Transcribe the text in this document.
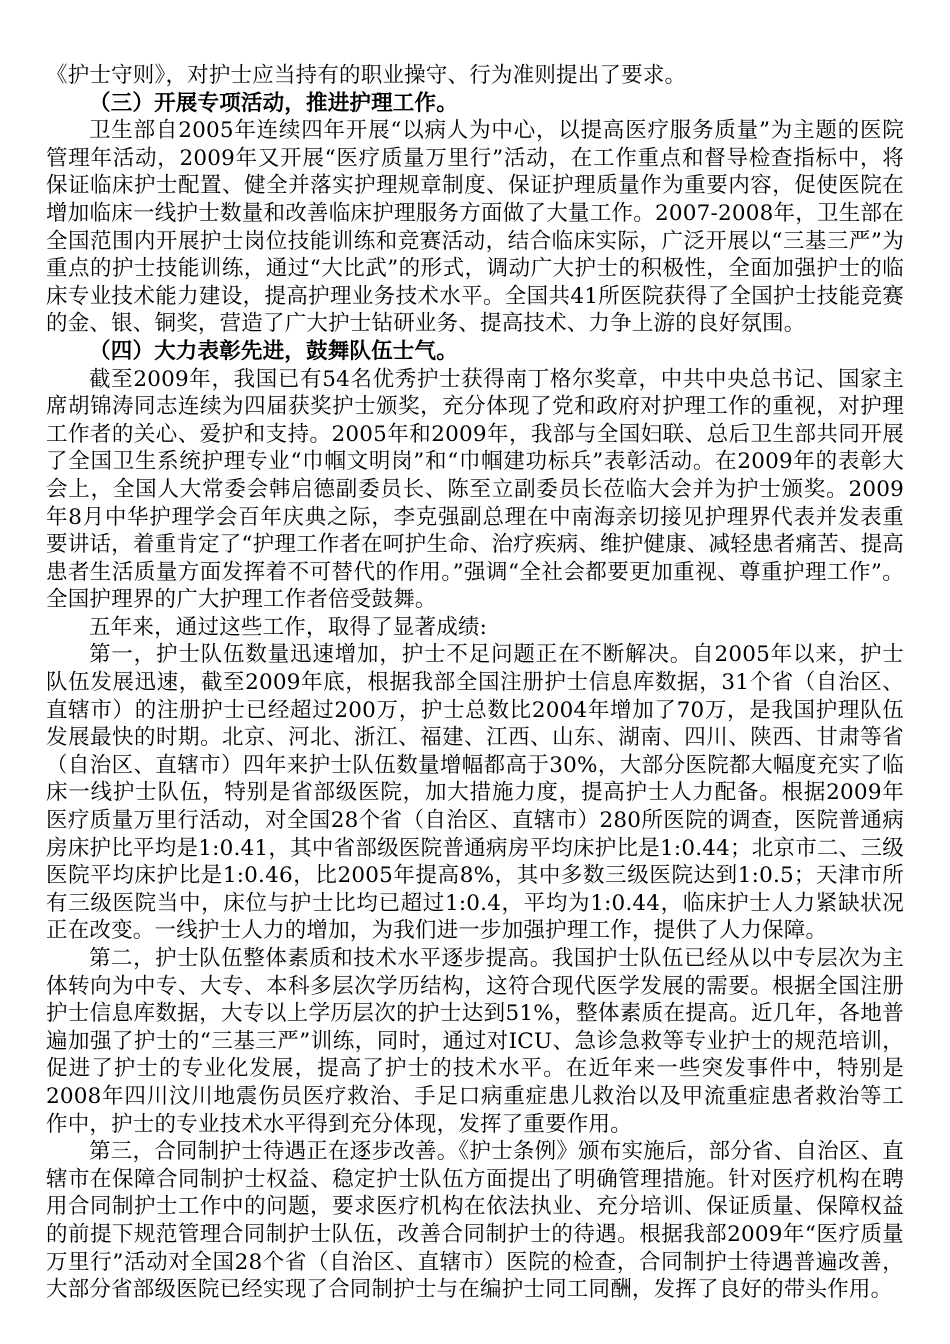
《护士守则》，对护士应当持有的职业操守、行为准则提出了要求。

（三）开展专项活动，推进护理工作。

卫生部自2005年连续四年开展“以病人为中心，以提高医疗服务质量”为主题的医院管理年活动，2009年又开展“医疗质量万里行”活动，在工作重点和督导检查指标中，将保证临床护士配置、健全并落实护理规章制度、保证护理质量作为重要内容，促使医院在增加临床一线护士数量和改善临床护理服务方面做了大量工作。2007-2008年，卫生部在全国范围内开展护士岗位技能训练和竞赛活动，结合临床实际，广泛开展以“三基三严”为重点的护士技能训练，通过“大比武”的形式，调动广大护士的积极性，全面加强护士的临床专业技术能力建设，提高护理业务技术水平。全国共41所医院获得了全国护士技能竞赛的金、银、铜奖，营造了广大护士钻研业务、提高技术、力争上游的良好氛围。

（四）大力表彰先进，鼓舞队伍士气。

截至2009年，我国已有54名优秀护士获得南丁格尔奖章，中共中央总书记、国家主席胡锦涛同志连续为四届获奖护士颁奖，充分体现了党和政府对护理工作的重视，对护理工作者的关心、爱护和支持。2005年和2009年，我部与全国妇联、总后卫生部共同开展了全国卫生系统护理专业“巾帼文明岗”和“巾帼建功标兵”表彰活动。在2009年的表彰大会上，全国人大常委会韩启德副委员长、陈至立副委员长莅临大会并为护士颁奖。2009年8月中华护理学会百年庆典之际，李克强副总理在中南海亲切接见护理界代表并发表重要讲话，着重肯定了“护理工作者在呵护生命、治疗疾病、维护健康、减轻患者痛苦、提高患者生活质量方面发挥着不可替代的作用。”强调“全社会都要更加重视、尊重护理工作”。全国护理界的广大护理工作者倍受鼓舞。

五年来，通过这些工作，取得了显著成绩:

第一，护士队伍数量迅速增加，护士不足问题正在不断解决。自2005年以来，护士队伍发展迅速，截至2009年底，根据我部全国注册护士信息库数据，31个省（自治区、直辖市）的注册护士已经超过200万，护士总数比2004年增加了70万，是我国护理队伍发展最快的时期。北京、河北、浙江、福建、江西、山东、湖南、四川、陕西、甘肃等省（自治区、直辖市）四年来护士队伍数量增幅都高于30%，大部分医院都大幅度充实了临床一线护士队伍，特别是省部级医院，加大措施力度，提高护士人力配备。根据2009年医疗质量万里行活动，对全国28个省（自治区、直辖市）280所医院的调查，医院普通病房床护比平均是1:0.41，其中省部级医院普通病房平均床护比是1:0.44；北京市二、三级医院平均床护比是1:0.46，比2005年提高8%，其中多数三级医院达到1:0.5；天津市所有三级医院当中，床位与护士比均已超过1:0.4，平均为1:0.44，临床护士人力紧缺状况正在改变。一线护士人力的增加，为我们进一步加强护理工作，提供了人力保障。

第二，护士队伍整体素质和技术水平逐步提高。我国护士队伍已经从以中专层次为主体转向为中专、大专、本科多层次学历结构，这符合现代医学发展的需要。根据全国注册护士信息库数据，大专以上学历层次的护士达到51%，整体素质在提高。近几年，各地普遍加强了护士的“三基三严”训练，同时，通过对ICU、急诊急救等专业护士的规范培训，促进了护士的专业化发展，提高了护士的技术水平。在近年来一些突发事件中，特别是2008年四川汶川地震伤员医疗救治、手足口病重症患儿救治以及甲流重症患者救治等工作中，护士的专业技术水平得到充分体现，发挥了重要作用。

第三，合同制护士待遇正在逐步改善。《护士条例》颁布实施后，部分省、自治区、直辖市在保障合同制护士权益、稳定护士队伍方面提出了明确管理措施。针对医疗机构在聘用合同制护士工作中的问题，要求医疗机构在依法执业、充分培训、保证质量、保障权益的前提下规范管理合同制护士队伍，改善合同制护士的待遇。根据我部2009年“医疗质量万里行”活动对全国28个省（自治区、直辖市）医院的检查，合同制护士待遇普遍改善，大部分省部级医院已经实现了合同制护士与在编护士同工同酬，发挥了良好的带头作用。
